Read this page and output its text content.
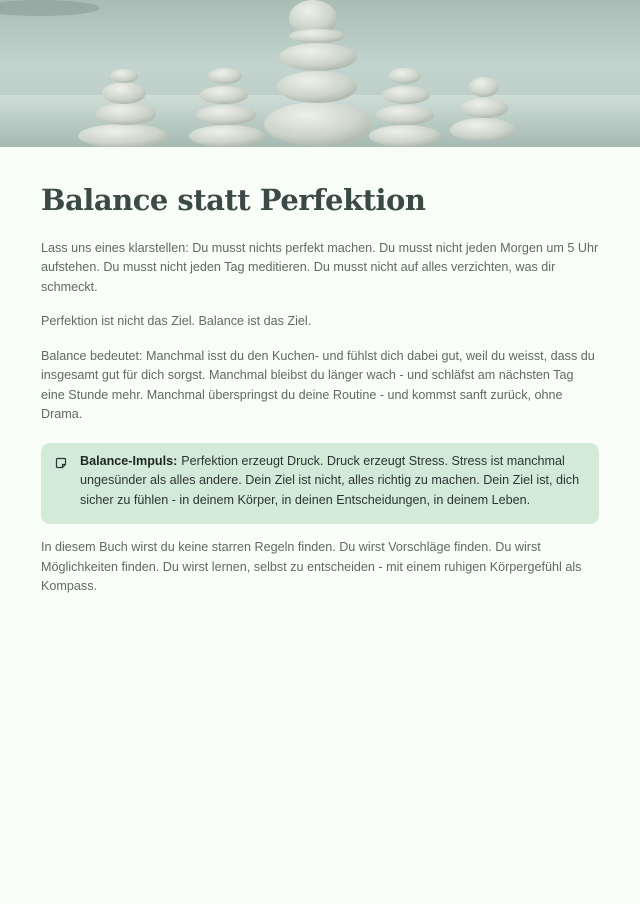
Balance statt Perfektion

Lass uns eines klarstellen: Du musst nichts perfekt machen. Du musst nicht jeden Morgen um 5 Uhr aufstehen. Du musst nicht jeden Tag meditieren. Du musst nicht auf alles verzichten, was dir schmeckt.

Perfektion ist nicht das Ziel. Balance ist das Ziel.

Balance bedeutet: Manchmal isst du den Kuchen- und fühlst dich dabei gut, weil du weisst, dass du insgesamt gut für dich sorgst. Manchmal bleibst du länger wach - und schläfst am nächsten Tag eine Stunde mehr. Manchmal überspringst du deine Routine - und kommst sanft zurück, ohne Drama.

Balance-Impuls: Perfektion erzeugt Druck. Druck erzeugt Stress. Stress ist manchmal ungesünder als alles andere. Dein Ziel ist nicht, alles richtig zu machen. Dein Ziel ist, dich sicher zu fühlen - in deinem Körper, in deinen Entscheidungen, in deinem Leben.

In diesem Buch wirst du keine starren Regeln finden. Du wirst Vorschläge finden. Du wirst Möglichkeiten finden. Du wirst lernen, selbst zu entscheiden - mit einem ruhigen Körpergefühl als Kompass.
